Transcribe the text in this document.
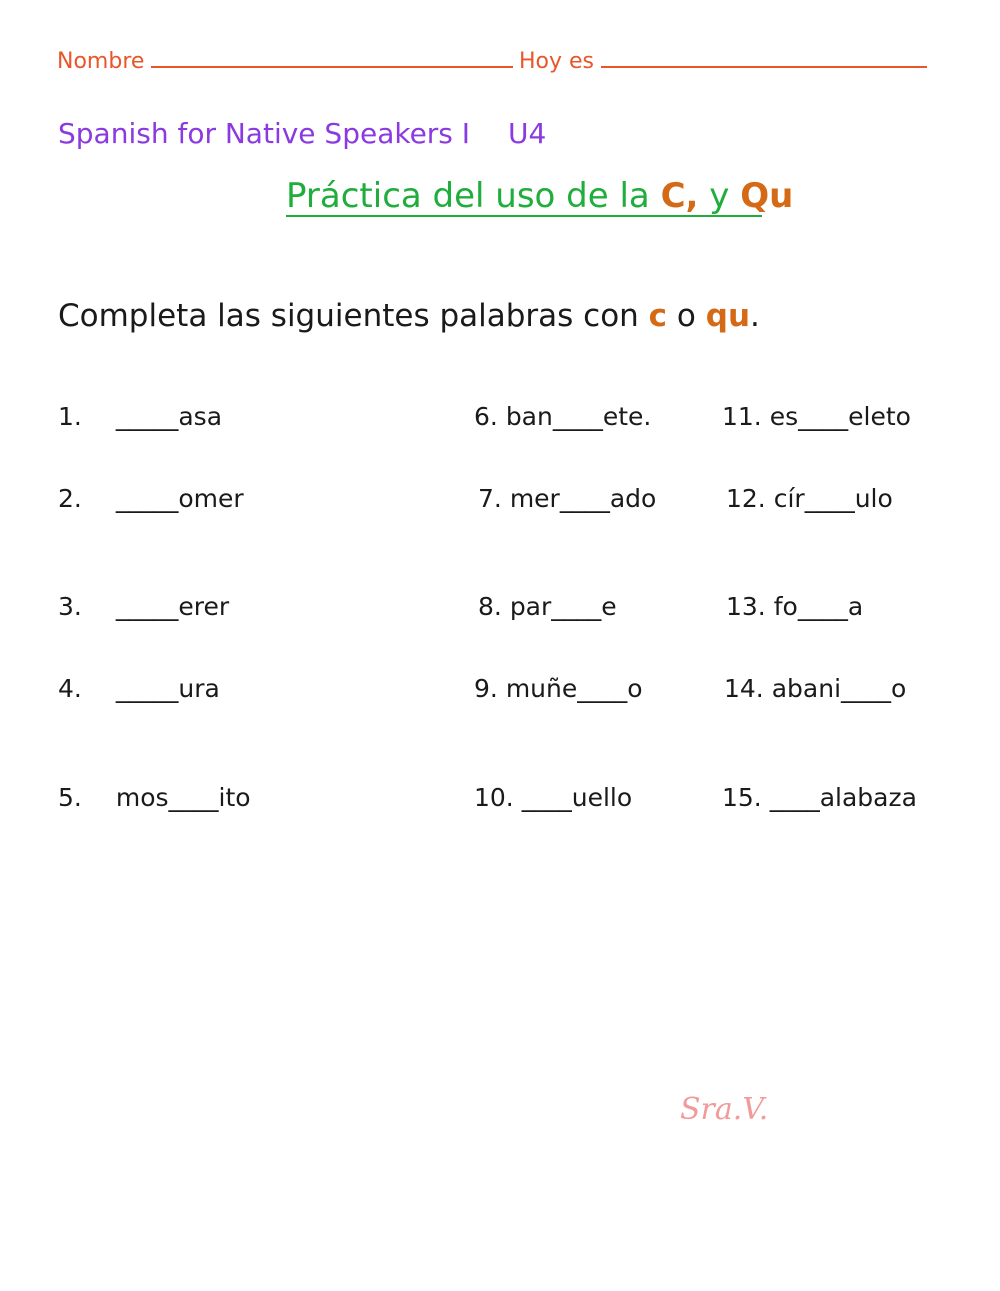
Nombre	Hoy es
Spanish for Native Speakers I U4
Práctica del uso de la C, y Qu
Completa las siguientes palabras con c o qu.
1. _____asa
2. _____omer
3. _____erer
4. _____ura
5. mos____ito
6. ban____ete.
7. mer____ado
8. par____e
9. muñe____o
10. ____uello
11. es____eleto
12. cír____ulo
13. fo____a
14. abani____o
15. ____alabaza
Sra.V.
